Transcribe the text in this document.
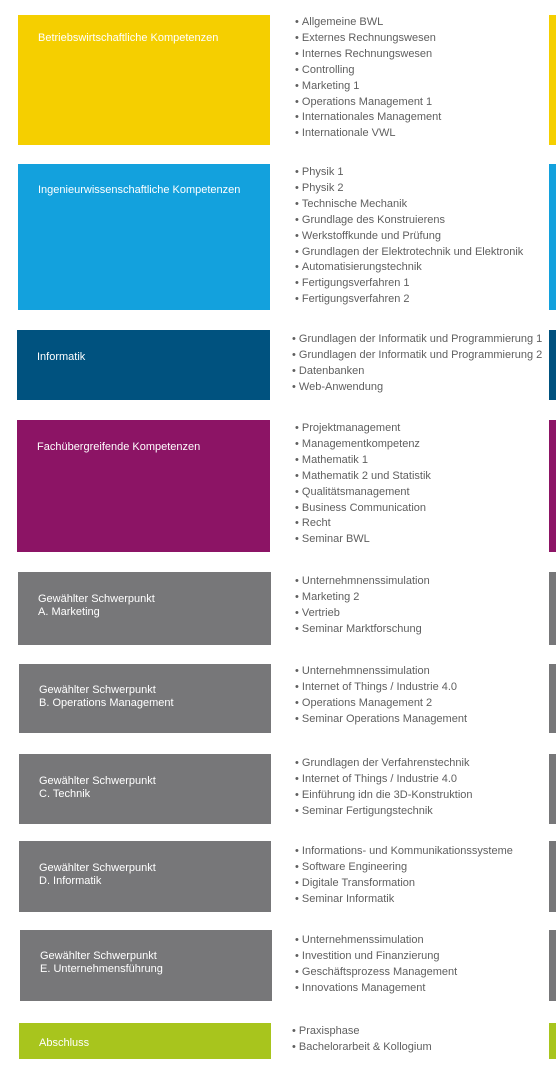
Betriebswirtschaftliche Kompetenzen
• Allgemeine BWL
• Externes Rechnungswesen
• Internes Rechnungswesen
• Controlling
• Marketing 1
• Operations Management 1
• Internationales Management
• Internationale VWL
Ingenieurwissenschaftliche Kompetenzen
• Physik 1
• Physik 2
• Technische Mechanik
• Grundlage des Konstruierens
• Werkstoffkunde und Prüfung
• Grundlagen der Elektrotechnik und Elektronik
• Automatisierungstechnik
• Fertigungsverfahren 1
• Fertigungsverfahren 2
Informatik
• Grundlagen der Informatik und Programmierung 1
• Grundlagen der Informatik und Programmierung 2
• Datenbanken
• Web-Anwendung
Fachübergreifende Kompetenzen
• Projektmanagement
• Managementkompetenz
• Mathematik 1
• Mathematik 2 und Statistik
• Qualitätsmanagement
• Business Communication
• Recht
• Seminar BWL
Gewählter Schwerpunkt
A. Marketing
• Unternehmnenssimulation
• Marketing 2
• Vertrieb
• Seminar Marktforschung
Gewählter Schwerpunkt
B. Operations Management
• Unternehmnenssimulation
• Internet of Things / Industrie 4.0
• Operations Management 2
• Seminar Operations Management
Gewählter Schwerpunkt
C. Technik
• Grundlagen der Verfahrenstechnik
• Internet of Things / Industrie 4.0
• Einführung idn die 3D-Konstruktion
• Seminar Fertigungstechnik
Gewählter Schwerpunkt
D. Informatik
• Informations- und Kommunikationssysteme
• Software Engineering
• Digitale Transformation
• Seminar Informatik
Gewählter Schwerpunkt
E. Unternehmensführung
• Unternehmenssimulation
• Investition und Finanzierung
• Geschäftsprozess Management
• Innovations Management
Abschluss
• Praxisphase
• Bachelorarbeit & Kollogium
